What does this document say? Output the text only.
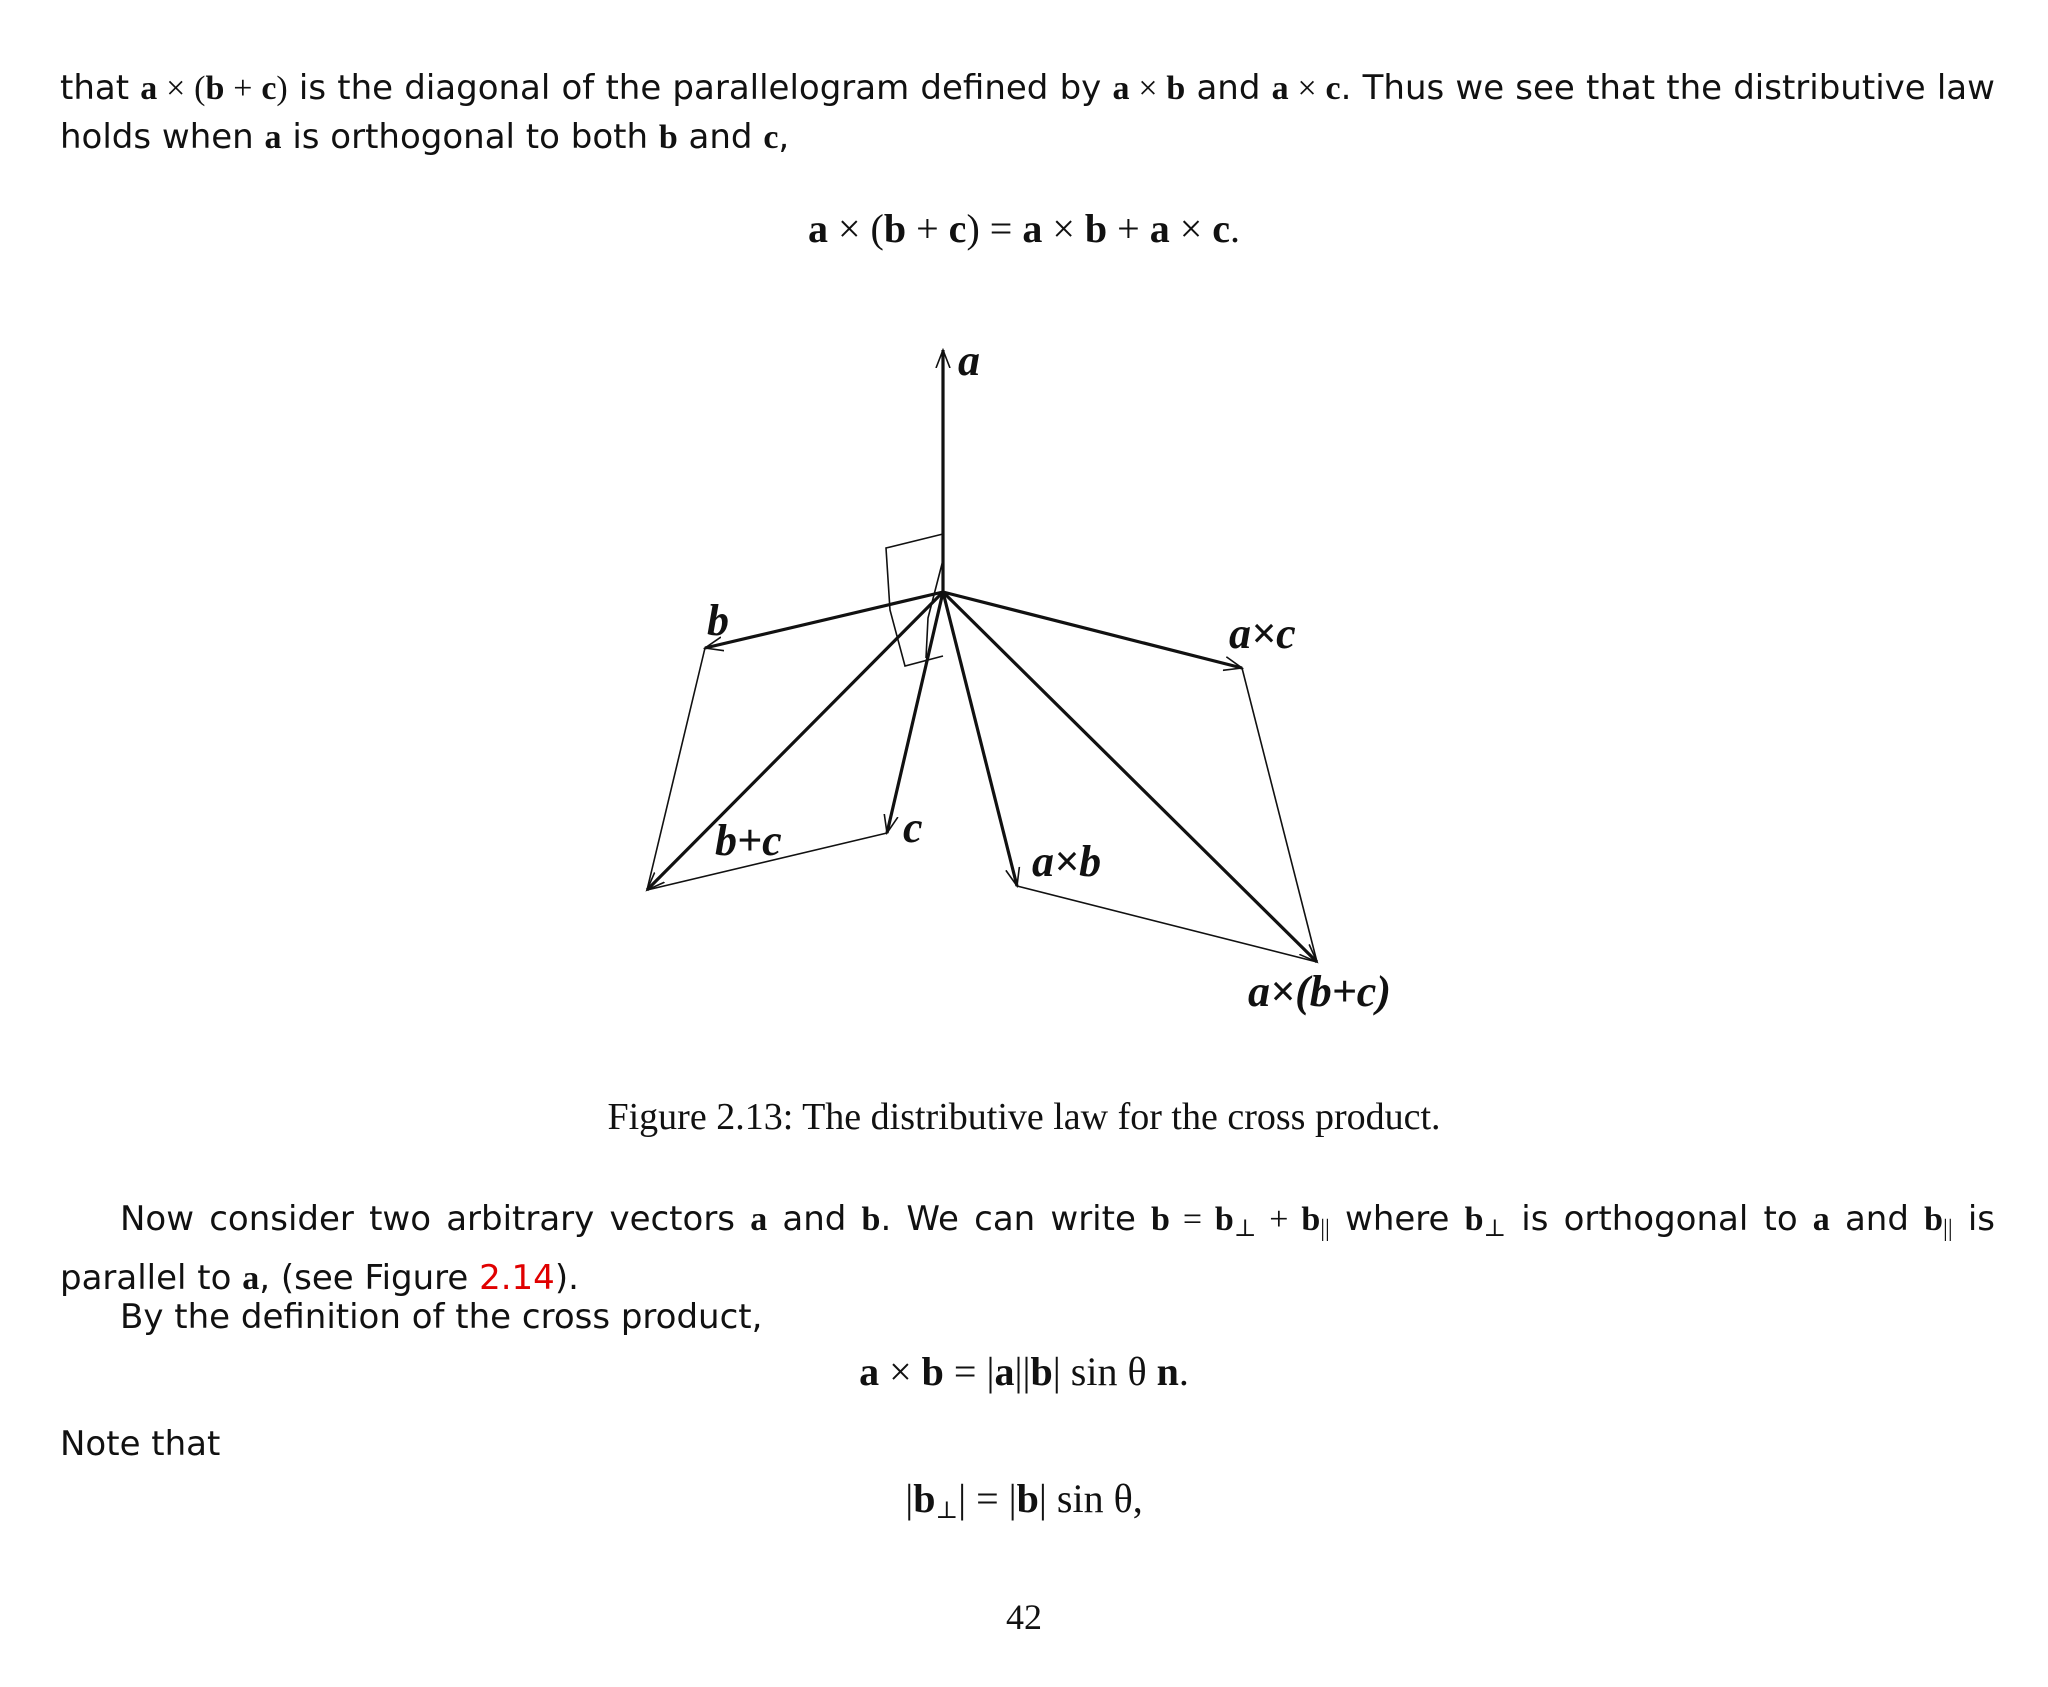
that a × (b + c) is the diagonal of the parallelogram defined by a × b and a × c. Thus we see that the distributive law
holds when a is orthogonal to both b and c,
a × (b + c) = a × b + a × c.
a
b
c
b+c	a×b
a×c
a×(b+c)
Figure 2.13: The distributive law for the cross product.
Now consider two arbitrary vectors a and b. We can write $b = b_\perp + b_{||}$ where $b_\perp$ is orthogonal to a and $b_{||}$ is
parallel to a, (see Figure 2.14).
By the definition of the cross product,
a × b = |a||b| sin θ n.
Note that
$|b_\perp| = |b|$ sin θ,
42
